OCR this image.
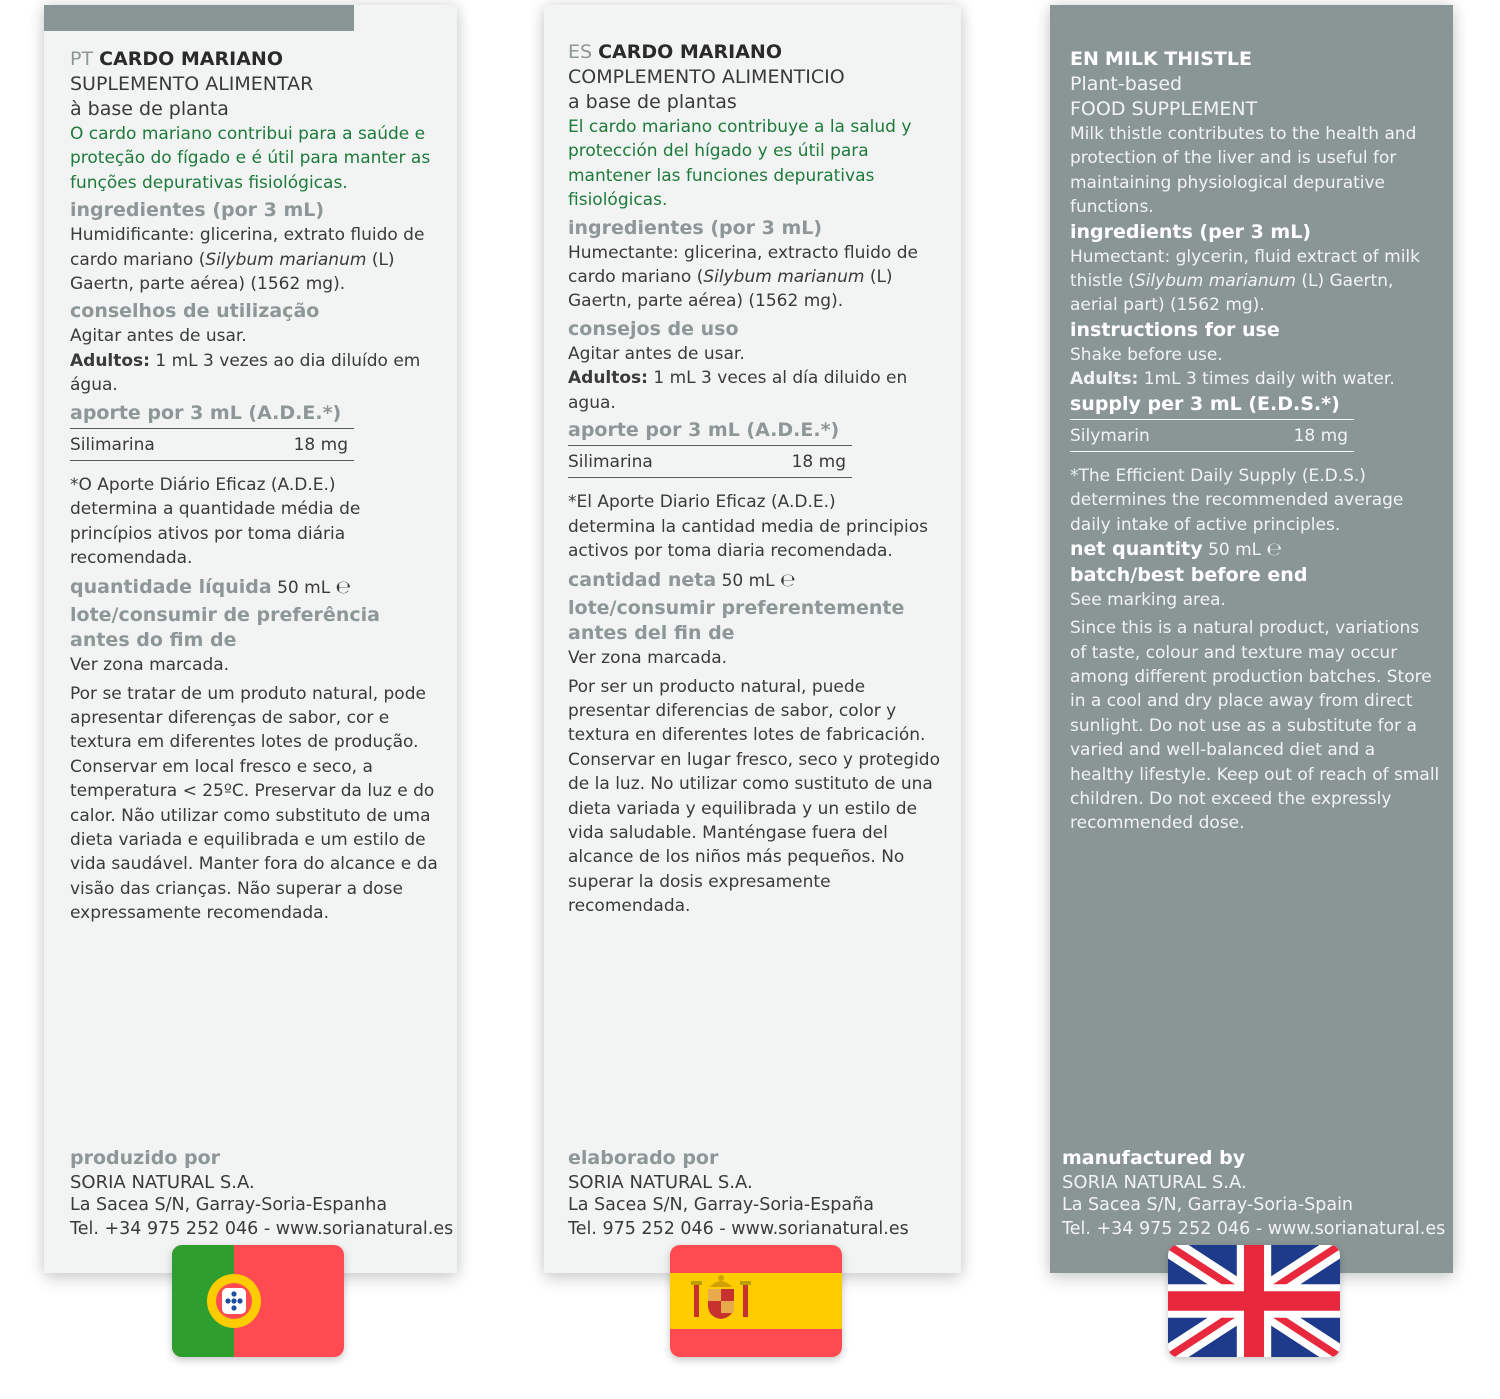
PT CARDO MARIANO
SUPLEMENTO ALIMENTAR
à base de planta
O cardo mariano contribui para a saúde e proteção do fígado e é útil para manter as funções depurativas fisiológicas.
ingredientes (por 3 mL)
Humidificante: glicerina, extrato fluido de cardo mariano (Silybum marianum (L) Gaertn, parte aérea) (1562 mg).
conselhos de utilização
Agitar antes de usar.
Adultos: 1 mL 3 vezes ao dia diluído em água.
aporte por 3 mL (A.D.E.*)
Silimarina	18 mg
*O Aporte Diário Eficaz (A.D.E.)
determina a quantidade média de princípios ativos por toma diária recomendada.
quantidade líquida 50 mL ℮
lote/consumir de preferência antes do fim de
Ver zona marcada.
Por se tratar de um produto natural, pode apresentar diferenças de sabor, cor e textura em diferentes lotes de produção. Conservar em local fresco e seco, a temperatura < 25ºC. Preservar da luz e do calor. Não utilizar como substituto de uma dieta variada e equilibrada e um estilo de vida saudável. Manter fora do alcance e da visão das crianças. Não superar a dose expressamente recomendada.
produzido por
SORIA NATURAL S.A.
La Sacea S/N, Garray-Soria-Espanha
Tel. +34 975 252 046 - www.sorianatural.es
ES CARDO MARIANO
COMPLEMENTO ALIMENTICIO
a base de plantas
El cardo mariano contribuye a la salud y protección del hígado y es útil para mantener las funciones depurativas fisiológicas.
ingredientes (por 3 mL)
Humectante: glicerina, extracto fluido de cardo mariano (Silybum marianum (L) Gaertn, parte aérea) (1562 mg).
consejos de uso
Agitar antes de usar.
Adultos: 1 mL 3 veces al día diluido en agua.
aporte por 3 mL (A.D.E.*)
Silimarina	18 mg
*El Aporte Diario Eficaz (A.D.E.)
determina la cantidad media de principios activos por toma diaria recomendada.
cantidad neta 50 mL ℮
lote/consumir preferentemente antes del fin de
Ver zona marcada.
Por ser un producto natural, puede presentar diferencias de sabor, color y textura en diferentes lotes de fabricación. Conservar en lugar fresco, seco y protegido de la luz. No utilizar como sustituto de una dieta variada y equilibrada y un estilo de vida saludable. Manténgase fuera del alcance de los niños más pequeños. No superar la dosis expresamente recomendada.
elaborado por
SORIA NATURAL S.A.
La Sacea S/N, Garray-Soria-España
Tel. 975 252 046 - www.sorianatural.es
EN MILK THISTLE
Plant-based
FOOD SUPPLEMENT
Milk thistle contributes to the health and protection of the liver and is useful for maintaining physiological depurative functions.
ingredients (per 3 mL)
Humectant: glycerin, fluid extract of milk thistle (Silybum marianum (L) Gaertn, aerial part) (1562 mg).
instructions for use
Shake before use.
Adults: 1mL 3 times daily with water.
supply per 3 mL (E.D.S.*)
Silymarin	18 mg
*The Efficient Daily Supply (E.D.S.)
determines the recommended average daily intake of active principles.
net quantity 50 mL ℮
batch/best before end
See marking area.
Since this is a natural product, variations of taste, colour and texture may occur among different production batches. Store in a cool and dry place away from direct sunlight. Do not use as a substitute for a varied and well-balanced diet and a healthy lifestyle. Keep out of reach of small children. Do not exceed the expressly recommended dose.
manufactured by
SORIA NATURAL S.A.
La Sacea S/N, Garray-Soria-Spain
Tel. +34 975 252 046 - www.sorianatural.es
